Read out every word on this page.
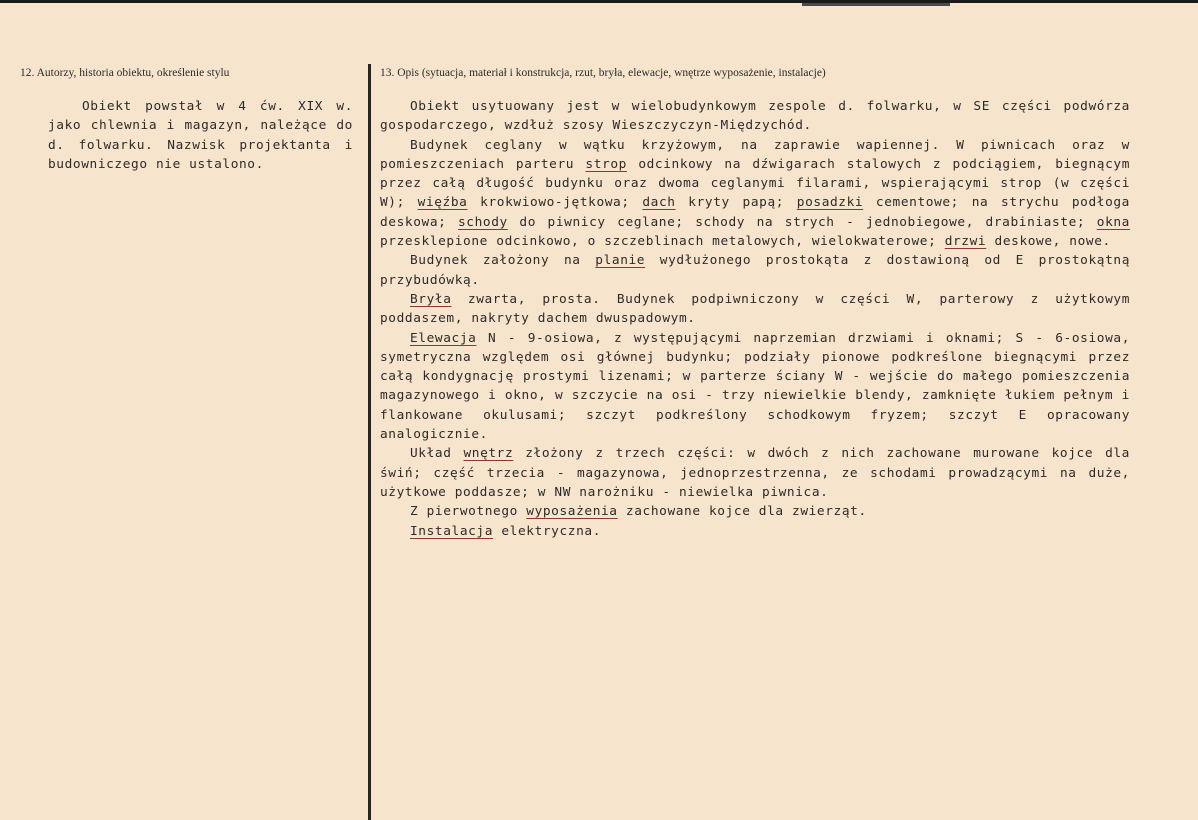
12. Autorzy, historia obiektu, określenie stylu	13. Opis (sytuacja, materiał i konstrukcja, rzut, bryła, elewacje, wnętrze wyposażenie, instalacje)

Obiekt powstał w 4 ćw. XIX w. jako chlewnia i magazyn, należące do d. folwarku. Nazwisk projektanta i budowniczego nie ustalono.

Obiekt usytuowany jest w wielobudynkowym zespole d. folwarku, w SE części podwórza gospodarczego, wzdłuż szosy Wieszczyczyn-Międzychód.

Budynek ceglany w wątku krzyżowym, na zaprawie wapiennej. W piwnicach oraz w pomieszczeniach parteru strop odcinkowy na dźwigarach stalowych z podciągiem, biegnącym przez całą długość budynku oraz dwoma ceglanymi filarami, wspierającymi strop (w części W); więźba krokwiowo-jętkowa; dach kryty papą; posadzki cementowe; na strychu podłoga deskowa; schody do piwnicy ceglane; schody na strych - jednobiegowe, drabiniaste; okna przesklepione odcinkowo, o szczeblinach metalowych, wielokwaterowe; drzwi deskowe, nowe.

Budynek założony na planie wydłużonego prostokąta z dostawioną od E prostokątną przybudówką.

Bryła zwarta, prosta. Budynek podpiwniczony w części W, parterowy z użytkowym poddaszem, nakryty dachem dwuspadowym.

Elewacja N - 9-osiowa, z występującymi naprzemian drzwiami i oknami; S - 6-osiowa, symetryczna względem osi głównej budynku; podziały pionowe podkreślone biegnącymi przez całą kondygnację prostymi lizenami; w parterze ściany W - wejście do małego pomieszczenia magazynowego i okno, w szczycie na osi - trzy niewielkie blendy, zamknięte łukiem pełnym i flankowane okulusami; szczyt podkreślony schodkowym fryzem; szczyt E opracowany analogicznie.

Układ wnętrz złożony z trzech części: w dwóch z nich zachowane murowane kojce dla świń; część trzecia - magazynowa, jednoprzestrzenna, ze schodami prowadzącymi na duże, użytkowe poddasze; w NW narożniku - niewielka piwnica.

Z pierwotnego wyposażenia zachowane kojce dla zwierząt.

Instalacja elektryczna.
